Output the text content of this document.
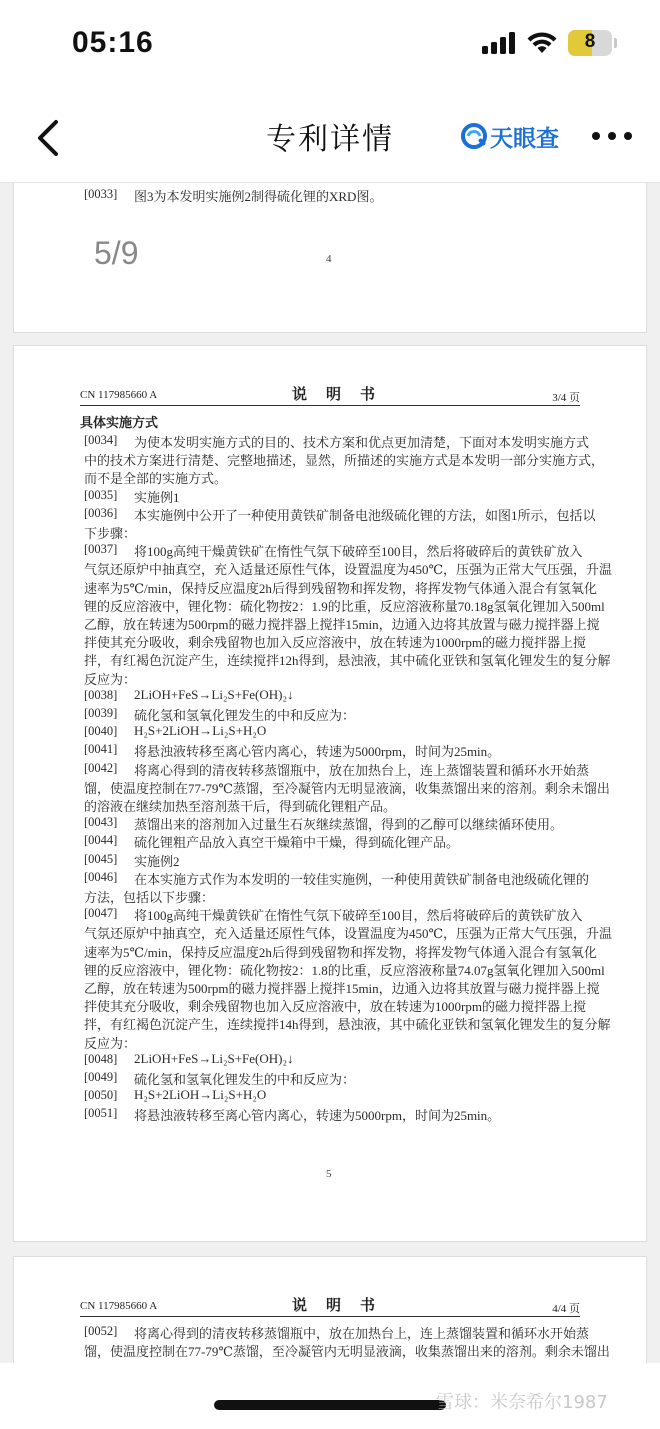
05:16	8
专利详情	天眼查
[0033] 图3为本发明实施例2制得硫化锂的XRD图。
5/9	4
CN 117985660 A	说　明　书	3/4 页
具体实施方式
[0034] 为使本发明实施方式的目的、技术方案和优点更加清楚，下面对本发明实施方式
中的技术方案进行清楚、完整地描述，显然，所描述的实施方式是本发明一部分实施方式，
而不是全部的实施方式。
[0035] 实施例1
[0036] 本实施例中公开了一种使用黄铁矿制备电池级硫化锂的方法，如图1所示，包括以
下步骤：
[0037] 将100g高纯干燥黄铁矿在惰性气氛下破碎至100目，然后将破碎后的黄铁矿放入
气氛还原炉中抽真空，充入适量还原性气体，设置温度为450℃，压强为正常大气压强，升温
速率为5℃/min，保持反应温度2h后得到残留物和挥发物，将挥发物气体通入混合有氢氧化
锂的反应溶液中，锂化物：硫化物按2：1.9的比重，反应溶液称量70.18g氢氧化锂加入500ml
乙醇，放在转速为500rpm的磁力搅拌器上搅拌15min，边通入边将其放置与磁力搅拌器上搅
拌使其充分吸收，剩余残留物也加入反应溶液中，放在转速为1000rpm的磁力搅拌器上搅
拌，有红褐色沉淀产生，连续搅拌12h得到，悬浊液，其中硫化亚铁和氢氧化锂发生的复分解
反应为：
[0038] 2LiOH+FeS→Li₂S+Fe(OH)₂↓
[0039] 硫化氢和氢氧化锂发生的中和反应为：
[0040] H₂S+2LiOH→Li₂S+H₂O
[0041] 将悬浊液转移至离心管内离心，转速为5000rpm，时间为25min。
[0042] 将离心得到的清夜转移蒸馏瓶中，放在加热台上，连上蒸馏装置和循环水开始蒸
馏，使温度控制在77-79℃蒸馏，至冷凝管内无明显液滴，收集蒸馏出来的溶剂。剩余未馏出
的溶液在继续加热至溶剂蒸干后，得到硫化锂粗产品。
[0043] 蒸馏出来的溶剂加入过量生石灰继续蒸馏，得到的乙醇可以继续循环使用。
[0044] 硫化锂粗产品放入真空干燥箱中干燥，得到硫化锂产品。
[0045] 实施例2
[0046] 在本实施方式作为本发明的一较佳实施例，一种使用黄铁矿制备电池级硫化锂的
方法，包括以下步骤：
[0047] 将100g高纯干燥黄铁矿在惰性气氛下破碎至100目，然后将破碎后的黄铁矿放入
气氛还原炉中抽真空，充入适量还原性气体，设置温度为450℃，压强为正常大气压强，升温
速率为5℃/min，保持反应温度2h后得到残留物和挥发物，将挥发物气体通入混合有氢氧化
锂的反应溶液中，锂化物：硫化物按2：1.8的比重，反应溶液称量74.07g氢氧化锂加入500ml
乙醇，放在转速为500rpm的磁力搅拌器上搅拌15min，边通入边将其放置与磁力搅拌器上搅
拌使其充分吸收，剩余残留物也加入反应溶液中，放在转速为1000rpm的磁力搅拌器上搅
拌，有红褐色沉淀产生，连续搅拌14h得到，悬浊液，其中硫化亚铁和氢氧化锂发生的复分解
反应为：
[0048] 2LiOH+FeS→Li₂S+Fe(OH)₂↓
[0049] 硫化氢和氢氧化锂发生的中和反应为：
[0050] H₂S+2LiOH→Li₂S+H₂O
[0051] 将悬浊液转移至离心管内离心，转速为5000rpm，时间为25min。
5
CN 117985660 A	说　明　书	4/4 页
[0052] 将离心得到的清夜转移蒸馏瓶中，放在加热台上，连上蒸馏装置和循环水开始蒸
馏，使温度控制在77-79℃蒸馏，至冷凝管内无明显液滴，收集蒸馏出来的溶剂。剩余未馏出
雪球：米奈希尔1987
